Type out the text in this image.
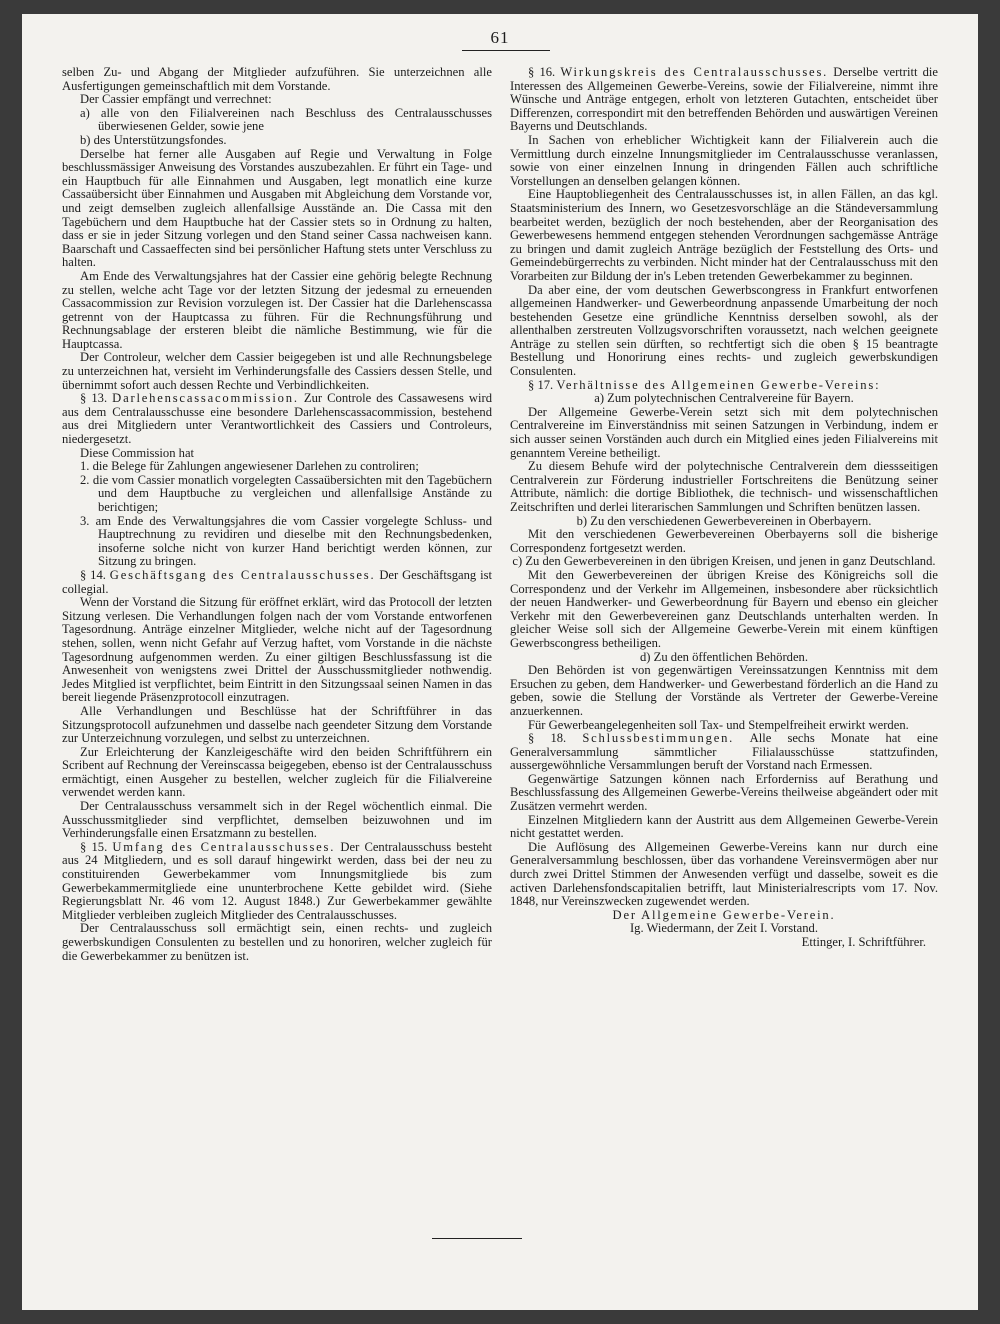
61

selben Zu- und Abgang der Mitglieder aufzuführen. Sie unterzeichnen alle Ausfertigungen gemeinschaftlich mit dem Vorstande.

Der Cassier empfängt und verrechnet:

a) alle von den Filialvereinen nach Beschluss des Centralausschusses überwiesenen Gelder, sowie jene

b) des Unterstützungsfondes.

Derselbe hat ferner alle Ausgaben auf Regie und Verwaltung in Folge beschlussmässiger Anweisung des Vorstandes auszubezahlen. Er führt ein Tage- und ein Hauptbuch für alle Einnahmen und Ausgaben, legt monatlich eine kurze Cassaübersicht über Einnahmen und Ausgaben mit Abgleichung dem Vorstande vor, und zeigt demselben zugleich allenfallsige Ausstände an. Die Cassa mit den Tagebüchern und dem Hauptbuche hat der Cassier stets so in Ordnung zu halten, dass er sie in jeder Sitzung vorlegen und den Stand seiner Cassa nachweisen kann. Baarschaft und Cassaeffecten sind bei persönlicher Haftung stets unter Verschluss zu halten.

Am Ende des Verwaltungsjahres hat der Cassier eine gehörig belegte Rechnung zu stellen, welche acht Tage vor der letzten Sitzung der jedesmal zu erneuenden Cassacommission zur Revision vorzulegen ist. Der Cassier hat die Darlehenscassa getrennt von der Hauptcassa zu führen. Für die Rechnungsführung und Rechnungsablage der ersteren bleibt die nämliche Bestimmung, wie für die Hauptcassa.

Der Controleur, welcher dem Cassier beigegeben ist und alle Rechnungsbelege zu unterzeichnen hat, versieht im Verhinderungsfalle des Cassiers dessen Stelle, und übernimmt sofort auch dessen Rechte und Verbindlichkeiten.

§ 13. Darlehenscassacommission. Zur Controle des Cassawesens wird aus dem Centralausschusse eine besondere Darlehenscassacommission, bestehend aus drei Mitgliedern unter Verantwortlichkeit des Cassiers und Controleurs, niedergesetzt.

Diese Commission hat

1. die Belege für Zahlungen angewiesener Darlehen zu controliren;

2. die vom Cassier monatlich vorgelegten Cassaübersichten mit den Tagebüchern und dem Hauptbuche zu vergleichen und allenfallsige Anstände zu berichtigen;

3. am Ende des Verwaltungsjahres die vom Cassier vorgelegte Schluss- und Hauptrechnung zu revidiren und dieselbe mit den Rechnungsbedenken, insoferne solche nicht von kurzer Hand berichtigt werden können, zur Sitzung zu bringen.

§ 14. Geschäftsgang des Centralausschusses. Der Geschäftsgang ist collegial.

Wenn der Vorstand die Sitzung für eröffnet erklärt, wird das Protocoll der letzten Sitzung verlesen. Die Verhandlungen folgen nach der vom Vorstande entworfenen Tagesordnung. Anträge einzelner Mitglieder, welche nicht auf der Tagesordnung stehen, sollen, wenn nicht Gefahr auf Verzug haftet, vom Vorstande in die nächste Tagesordnung aufgenommen werden. Zu einer giltigen Beschlussfassung ist die Anwesenheit von wenigstens zwei Drittel der Ausschussmitglieder nothwendig. Jedes Mitglied ist verpflichtet, beim Eintritt in den Sitzungssaal seinen Namen in das bereit liegende Präsenzprotocoll einzutragen.

Alle Verhandlungen und Beschlüsse hat der Schriftführer in das Sitzungsprotocoll aufzunehmen und dasselbe nach geendeter Sitzung dem Vorstande zur Unterzeichnung vorzulegen, und selbst zu unterzeichnen.

Zur Erleichterung der Kanzleigeschäfte wird den beiden Schriftführern ein Scribent auf Rechnung der Vereinscassa beigegeben, ebenso ist der Centralausschuss ermächtigt, einen Ausgeher zu bestellen, welcher zugleich für die Filialvereine verwendet werden kann.

Der Centralausschuss versammelt sich in der Regel wöchentlich einmal. Die Ausschussmitglieder sind verpflichtet, demselben beizuwohnen und im Verhinderungsfalle einen Ersatzmann zu bestellen.

§ 15. Umfang des Centralausschusses. Der Centralausschuss besteht aus 24 Mitgliedern, und es soll darauf hingewirkt werden, dass bei der neu zu constituirenden Gewerbekammer vom Innungsmitgliede bis zum Gewerbekammermitgliede eine ununterbrochene Kette gebildet wird. (Siehe Regierungsblatt Nr. 46 vom 12. August 1848.) Zur Gewerbekammer gewählte Mitglieder verbleiben zugleich Mitglieder des Centralausschusses.

Der Centralausschuss soll ermächtigt sein, einen rechts- und zugleich gewerbskundigen Consulenten zu bestellen und zu honoriren, welcher zugleich für die Gewerbekammer zu benützen ist.

§ 16. Wirkungskreis des Centralausschusses. Derselbe vertritt die Interessen des Allgemeinen Gewerbe-Vereins, sowie der Filialvereine, nimmt ihre Wünsche und Anträge entgegen, erholt von letzteren Gutachten, entscheidet über Differenzen, correspondirt mit den betreffenden Behörden und auswärtigen Vereinen Bayerns und Deutschlands.

In Sachen von erheblicher Wichtigkeit kann der Filialverein auch die Vermittlung durch einzelne Innungsmitglieder im Centralausschusse veranlassen, sowie von einer einzelnen Innung in dringenden Fällen auch schriftliche Vorstellungen an denselben gelangen können.

Eine Hauptobliegenheit des Centralausschusses ist, in allen Fällen, an das kgl. Staatsministerium des Innern, wo Gesetzesvorschläge an die Ständeversammlung bearbeitet werden, bezüglich der noch bestehenden, aber der Reorganisation des Gewerbewesens hemmend entgegen stehenden Verordnungen sachgemässe Anträge zu bringen und damit zugleich Anträge bezüglich der Feststellung des Orts- und Gemeindebürgerrechts zu verbinden. Nicht minder hat der Centralausschuss mit den Vorarbeiten zur Bildung der in's Leben tretenden Gewerbekammer zu beginnen.

Da aber eine, der vom deutschen Gewerbscongress in Frankfurt entworfenen allgemeinen Handwerker- und Gewerbeordnung anpassende Umarbeitung der noch bestehenden Gesetze eine gründliche Kenntniss derselben sowohl, als der allenthalben zerstreuten Vollzugsvorschriften voraussetzt, nach welchen geeignete Anträge zu stellen sein dürften, so rechtfertigt sich die oben § 15 beantragte Bestellung und Honorirung eines rechts- und zugleich gewerbskundigen Consulenten.

§ 17. Verhältnisse des Allgemeinen Gewerbe-Vereins:

a) Zum polytechnischen Centralvereine für Bayern.

Der Allgemeine Gewerbe-Verein setzt sich mit dem polytechnischen Centralvereine im Einverständniss mit seinen Satzungen in Verbindung, indem er sich ausser seinen Vorständen auch durch ein Mitglied eines jeden Filialvereins mit genanntem Vereine betheiligt.

Zu diesem Behufe wird der polytechnische Centralverein dem diessseitigen Centralverein zur Förderung industrieller Fortschreitens die Benützung seiner Attribute, nämlich: die dortige Bibliothek, die technisch- und wissenschaftlichen Zeitschriften und derlei literarischen Sammlungen und Schriften benützen lassen.

b) Zu den verschiedenen Gewerbevereinen in Oberbayern.

Mit den verschiedenen Gewerbevereinen Oberbayerns soll die bisherige Correspondenz fortgesetzt werden.

c) Zu den Gewerbevereinen in den übrigen Kreisen, und jenen in ganz Deutschland.

Mit den Gewerbevereinen der übrigen Kreise des Königreichs soll die Correspondenz und der Verkehr im Allgemeinen, insbesondere aber rücksichtlich der neuen Handwerker- und Gewerbeordnung für Bayern und ebenso ein gleicher Verkehr mit den Gewerbevereinen ganz Deutschlands unterhalten werden. In gleicher Weise soll sich der Allgemeine Gewerbe-Verein mit einem künftigen Gewerbscongress betheiligen.

d) Zu den öffentlichen Behörden.

Den Behörden ist von gegenwärtigen Vereinssatzungen Kenntniss mit dem Ersuchen zu geben, dem Handwerker- und Gewerbestand förderlich an die Hand zu geben, sowie die Stellung der Vorstände als Vertreter der Gewerbe-Vereine anzuerkennen.

Für Gewerbeangelegenheiten soll Tax- und Stempelfreiheit erwirkt werden.

§ 18. Schlussbestimmungen. Alle sechs Monate hat eine Generalversammlung sämmtlicher Filialausschüsse stattzufinden, aussergewöhnliche Versammlungen beruft der Vorstand nach Ermessen.

Gegenwärtige Satzungen können nach Erforderniss auf Berathung und Beschlussfassung des Allgemeinen Gewerbe-Vereins theilweise abgeändert oder mit Zusätzen vermehrt werden.

Einzelnen Mitgliedern kann der Austritt aus dem Allgemeinen Gewerbe-Verein nicht gestattet werden.

Die Auflösung des Allgemeinen Gewerbe-Vereins kann nur durch eine Generalversammlung beschlossen, über das vorhandene Vereinsvermögen aber nur durch zwei Drittel Stimmen der Anwesenden verfügt und dasselbe, soweit es die activen Darlehensfondscapitalien betrifft, laut Ministerialrescripts vom 17. Nov. 1848, nur Vereinszwecken zugewendet werden.

Der Allgemeine Gewerbe-Verein.

Ig. Wiedermann, der Zeit I. Vorstand.

Ettinger, I. Schriftführer.
